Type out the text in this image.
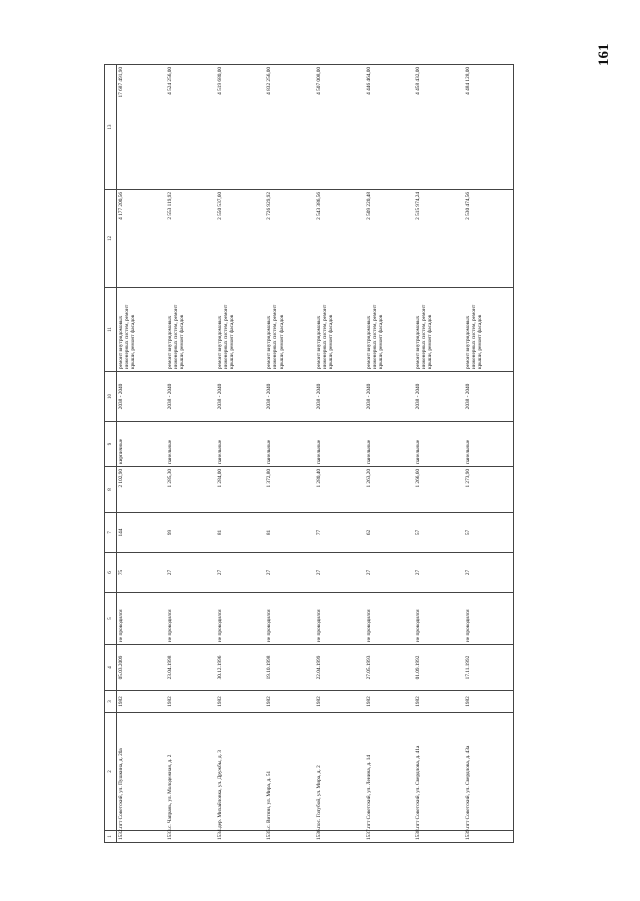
161
1	2	3	4	5	6	7	8	9	10	11	12	13
1532.	пгт Советский, ул. Пушкина, д. 20а	1982	05.03.2009	не проводился	75	144	2 102,90	кирпичные	2038 - 2040	ремонт внутридомовых инженерных систем, ремонт крыши, ремонт фасадов	4 177 200,56	17 687 491,90
1533.	с. Чапрань, ул. Молодежная, д. 2	1982	23.04.1998	не проводился	27	99	1 285,30	панельные	2038 - 2040	ремонт внутридомовых инженерных систем, ремонт крыши, ремонт фасадов	2 553 119,92	4 524 256,00
1534.	дер. Михайловка, ул. Дружбы, д. 3	1982	30.12.1996	не проводился	27	81	1 284,00	панельные	2038 - 2040	ремонт внутридомовых инженерных систем, ремонт крыши, ремонт фасадов	2 550 537,60	4 519 680,00
1535.	с. Витязи, ул. Мира, д. 51	1982	19.10.1998	не проводился	27	81	1 372,80	панельные	2038 - 2040	ремонт внутридомовых инженерных систем, ремонт крыши, ремонт фасадов	2 726 929,92	4 832 256,00
1536.	пос. Голубой, ул. Мира, д. 2	1982	22.04.1999	не проводился	27	77	1 280,40	панельные	2038 - 2040	ремонт внутридомовых инженерных систем, ремонт крыши, ремонт фасадов	2 543 386,56	4 507 008,00
1537.	пгт Советский, ул. Ленина, д. 14	1982	27.05.1993	не проводился	27	62	1 263,20	панельные	2038 - 2040	ремонт внутридомовых инженерных систем, ремонт крыши, ремонт фасадов	2 509 220,48	4 446 464,00
1538.	пгт Советский, ул. Свердлова, д. 41а	1982	01.09.1992	не проводился	27	57	1 266,60	панельные	2038 - 2040	ремонт внутридомовых инженерных систем, ремонт крыши, ремонт фасадов	2 515 974,24	4 458 432,00
1539.	пгт Советский, ул. Свердлова, д. 43а	1982	17.11.1992	не проводился	27	57	1 273,90	панельные	2038 - 2040	ремонт внутридомовых инженерных систем, ремонт крыши, ремонт фасадов	2 530 474,56	4 484 128,00
